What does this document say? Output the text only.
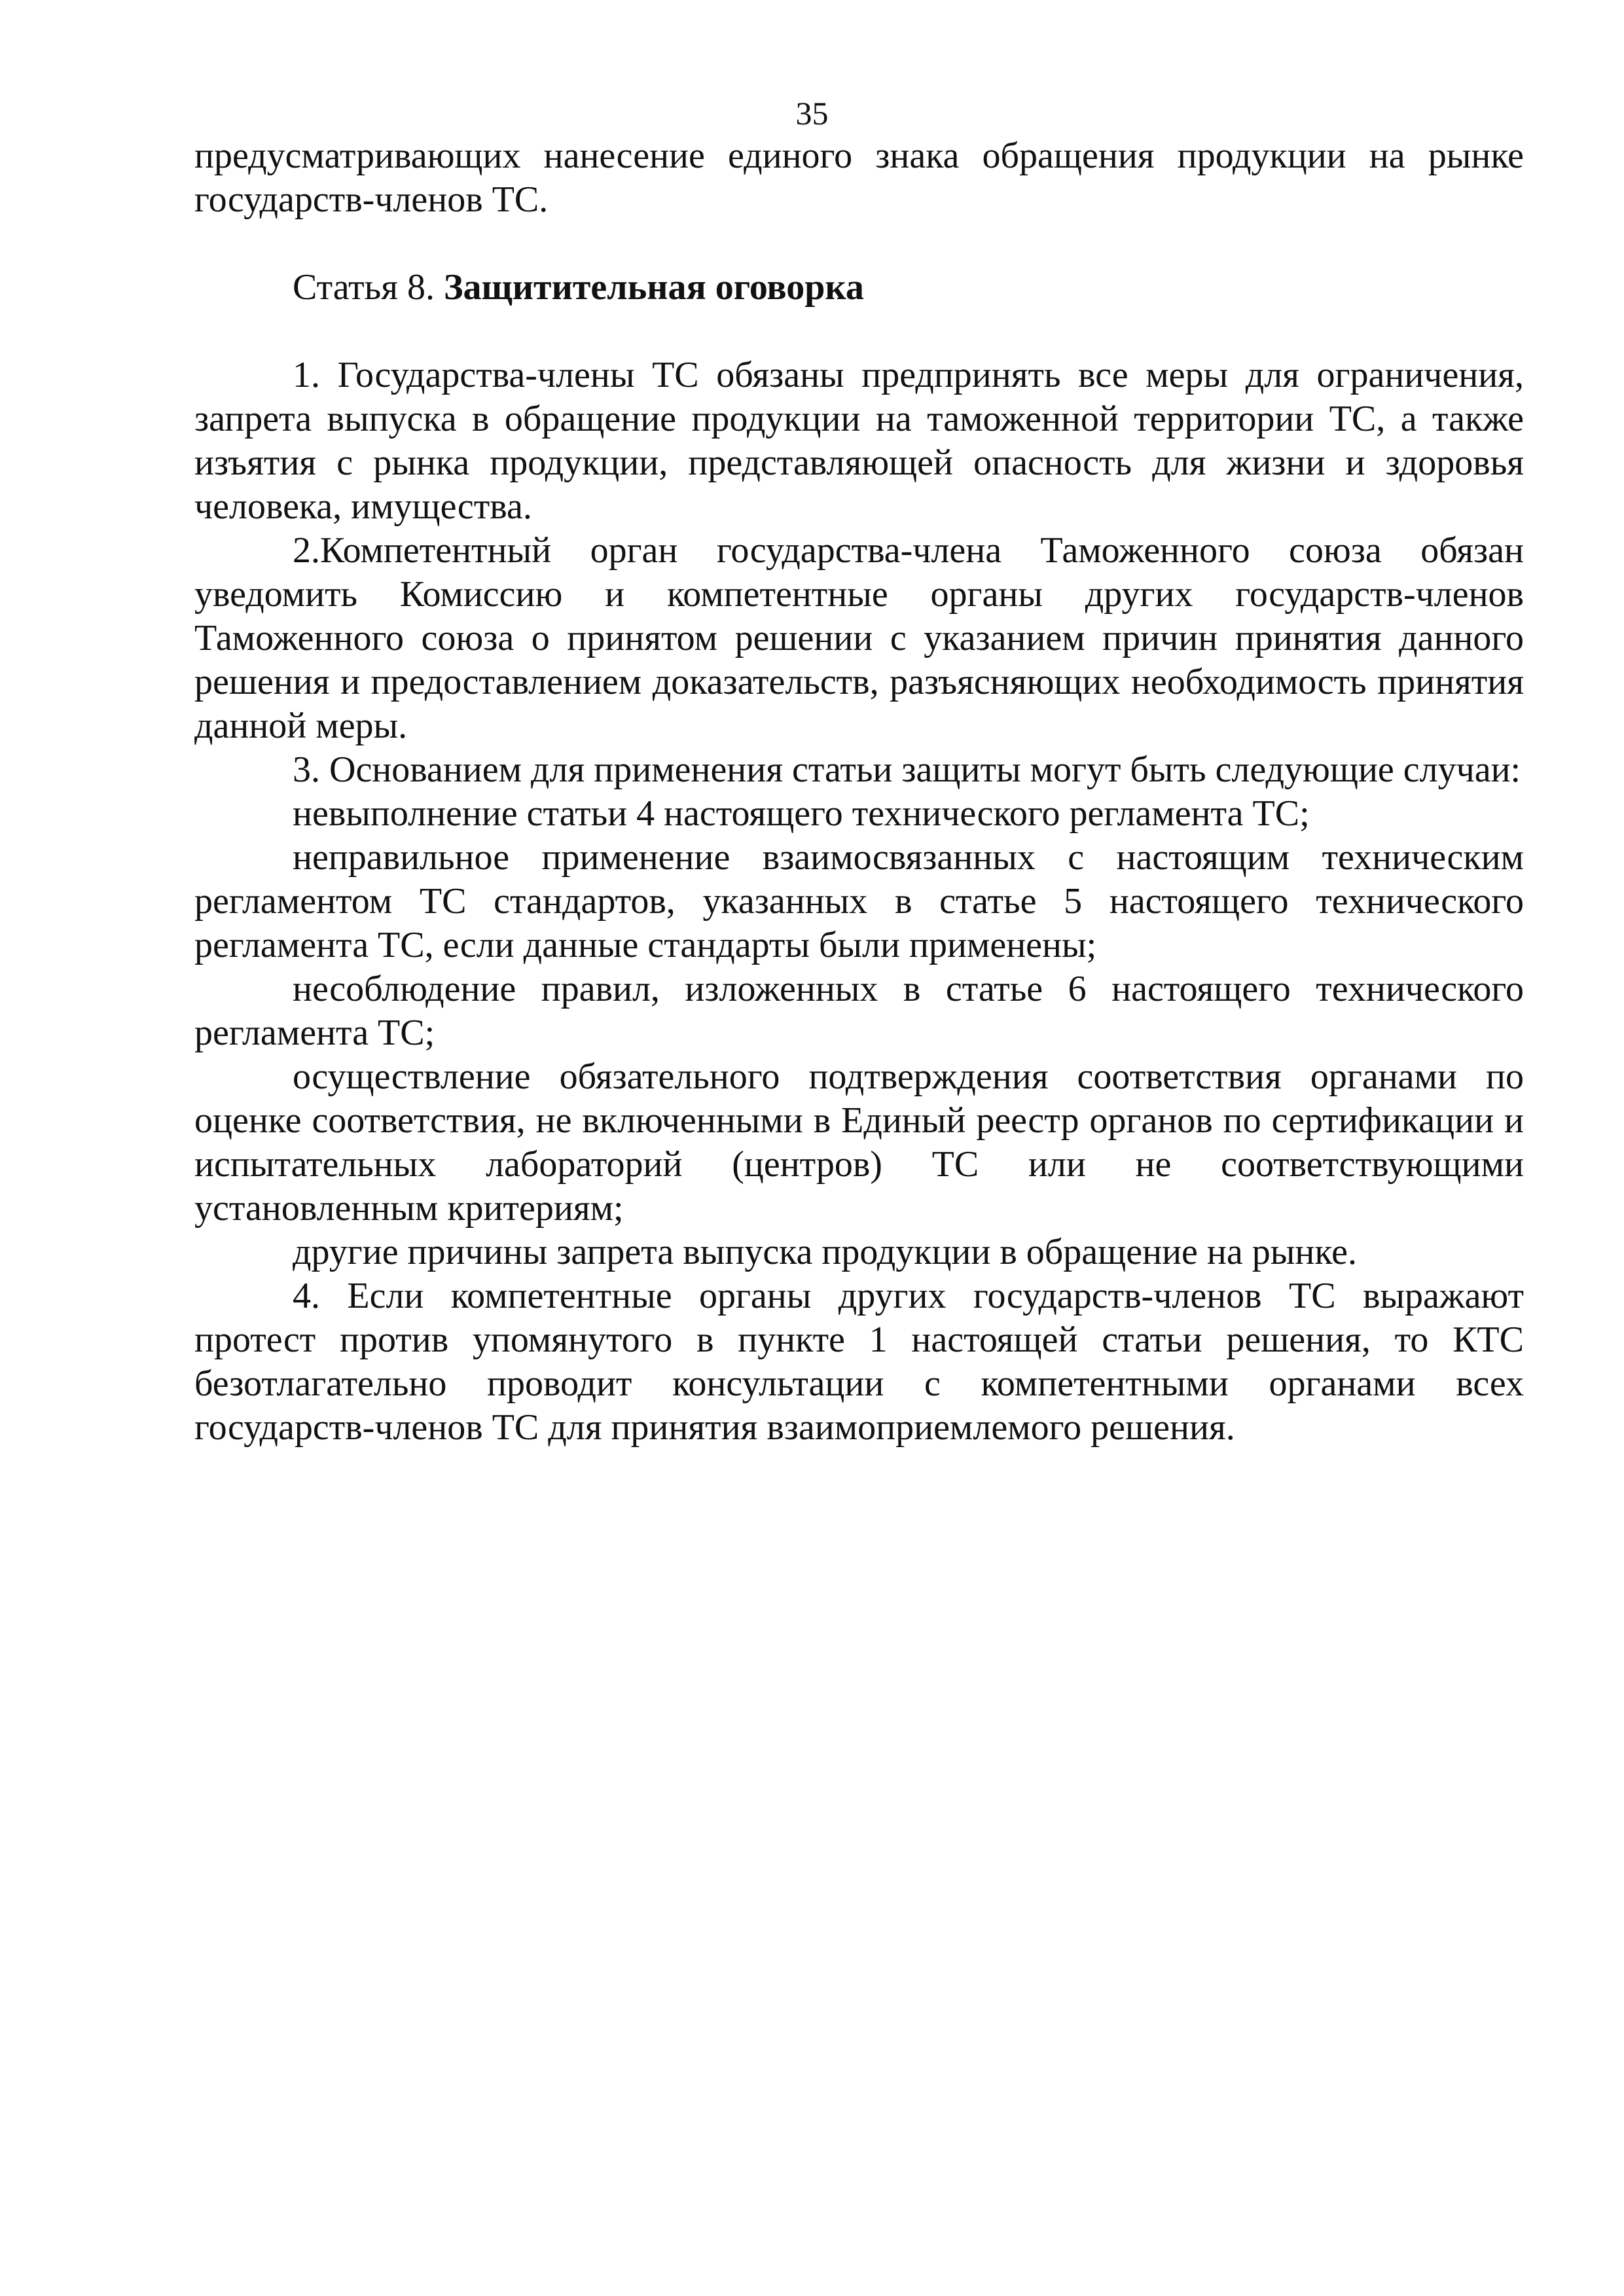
35

предусматривающих нанесение единого знака обращения продукции на рынке государств-членов ТС.

Статья 8. Защитительная оговорка

1. Государства-члены ТС обязаны предпринять все меры для ограничения, запрета выпуска в обращение продукции на таможенной территории ТС, а также изъятия с рынка продукции, представляющей опасность для жизни и здоровья человека, имущества.

2.Компетентный орган государства-члена Таможенного союза обязан уведомить Комиссию и компетентные органы других государств-членов Таможенного союза о принятом решении с указанием причин принятия данного решения и предоставлением доказательств, разъясняющих необходимость принятия данной меры.

3. Основанием для применения статьи защиты могут быть следующие случаи:

невыполнение статьи 4 настоящего технического регламента ТС;

неправильное применение взаимосвязанных с настоящим техническим регламентом ТС стандартов, указанных в статье 5 настоящего технического регламента ТС, если данные стандарты были применены;

несоблюдение правил, изложенных в статье 6 настоящего технического регламента ТС;

осуществление обязательного подтверждения соответствия органами по оценке соответствия, не включенными в Единый реестр органов по сертификации и испытательных лабораторий (центров) ТС или не соответствующими установленным критериям;

другие причины запрета выпуска продукции в обращение на рынке.

4. Если компетентные органы других государств-членов ТС выражают протест против упомянутого в пункте 1 настоящей статьи решения, то КТС безотлагательно проводит консультации с компетентными органами всех государств-членов ТС для принятия взаимоприемлемого решения.
